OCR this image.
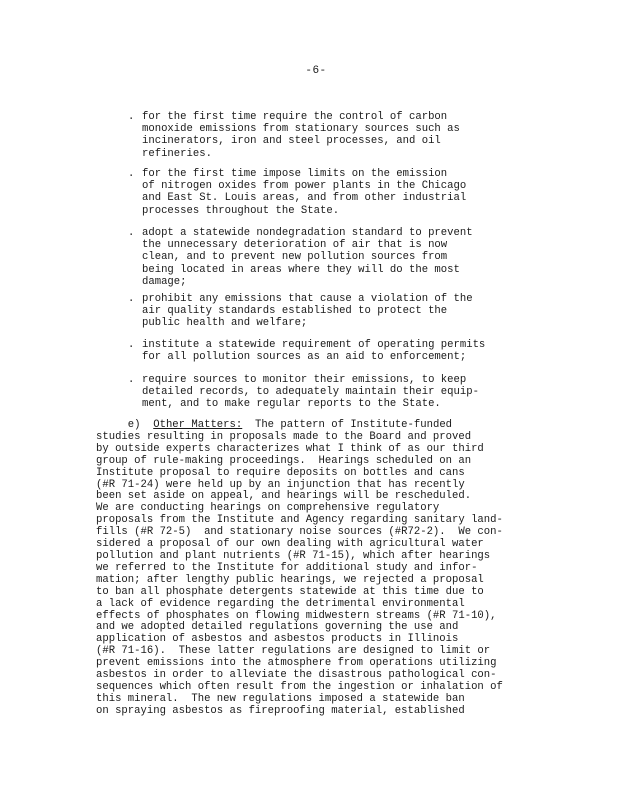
-6-
. for the first time require the control of carbon
monoxide emissions from stationary sources such as
incinerators, iron and steel processes, and oil
refineries.
. for the first time impose limits on the emission
of nitrogen oxides from power plants in the Chicago
and East St. Louis areas, and from other industrial
processes throughout the State.
. adopt a statewide nondegradation standard to prevent
the unnecessary deterioration of air that is now
clean, and to prevent new pollution sources from
being located in areas where they will do the most
damage;
. prohibit any emissions that cause a violation of the
air quality standards established to protect the
public health and welfare;
. institute a statewide requirement of operating permits
for all pollution sources as an aid to enforcement;
. require sources to monitor their emissions, to keep
detailed records, to adequately maintain their equip-
ment, and to make regular reports to the State.
e) Other Matters: The pattern of Institute-funded
studies resulting in proposals made to the Board and proved
by outside experts characterizes what I think of as our third
group of rule-making proceedings.  Hearings scheduled on an
Institute proposal to require deposits on bottles and cans
(#R 71-24) were held up by an injunction that has recently
been set aside on appeal, and hearings will be rescheduled.
We are conducting hearings on comprehensive regulatory
proposals from the Institute and Agency regarding sanitary land-
fills (#R 72-5)  and stationary noise sources (#R72-2).  We con-
sidered a proposal of our own dealing with agricultural water
pollution and plant nutrients (#R 71-15), which after hearings
we referred to the Institute for additional study and infor-
mation; after lengthy public hearings, we rejected a proposal
to ban all phosphate detergents statewide at this time due to
a lack of evidence regarding the detrimental environmental
effects of phosphates on flowing midwestern streams (#R 71-10),
and we adopted detailed regulations governing the use and
application of asbestos and asbestos products in Illinois
(#R 71-16).  These latter regulations are designed to limit or
prevent emissions into the atmosphere from operations utilizing
asbestos in order to alleviate the disastrous pathological con-
sequences which often result from the ingestion or inhalation of
this mineral.  The new regulations imposed a statewide ban
on spraying asbestos as fireproofing material, established
